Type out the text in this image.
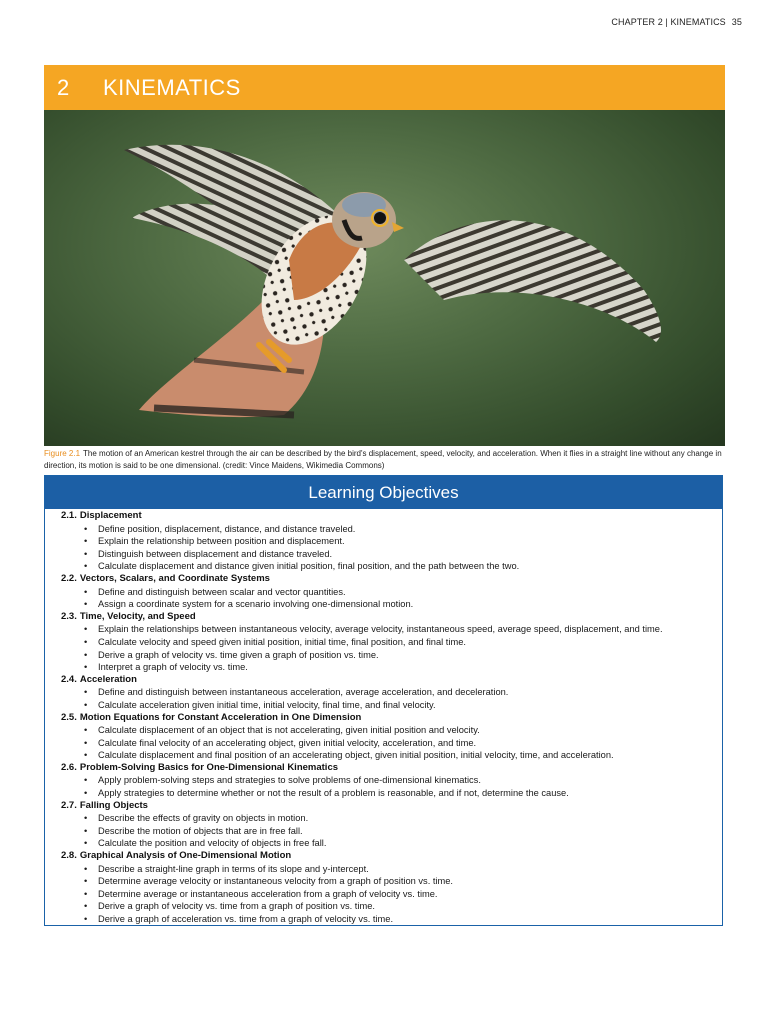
CHAPTER 2 | KINEMATICS 35
2	KINEMATICS
Figure 2.1 The motion of an American kestrel through the air can be described by the bird's displacement, speed, velocity, and acceleration. When it flies in a straight line without any change in direction, its motion is said to be one dimensional. (credit: Vince Maidens, Wikimedia Commons)
Learning Objectives
2.1. Displacement
• Define position, displacement, distance, and distance traveled.
• Explain the relationship between position and displacement.
• Distinguish between displacement and distance traveled.
• Calculate displacement and distance given initial position, final position, and the path between the two.
2.2. Vectors, Scalars, and Coordinate Systems
• Define and distinguish between scalar and vector quantities.
• Assign a coordinate system for a scenario involving one-dimensional motion.
2.3. Time, Velocity, and Speed
• Explain the relationships between instantaneous velocity, average velocity, instantaneous speed, average speed, displacement, and time.
• Calculate velocity and speed given initial position, initial time, final position, and final time.
• Derive a graph of velocity vs. time given a graph of position vs. time.
• Interpret a graph of velocity vs. time.
2.4. Acceleration
• Define and distinguish between instantaneous acceleration, average acceleration, and deceleration.
• Calculate acceleration given initial time, initial velocity, final time, and final velocity.
2.5. Motion Equations for Constant Acceleration in One Dimension
• Calculate displacement of an object that is not accelerating, given initial position and velocity.
• Calculate final velocity of an accelerating object, given initial velocity, acceleration, and time.
• Calculate displacement and final position of an accelerating object, given initial position, initial velocity, time, and acceleration.
2.6. Problem-Solving Basics for One-Dimensional Kinematics
• Apply problem-solving steps and strategies to solve problems of one-dimensional kinematics.
• Apply strategies to determine whether or not the result of a problem is reasonable, and if not, determine the cause.
2.7. Falling Objects
• Describe the effects of gravity on objects in motion.
• Describe the motion of objects that are in free fall.
• Calculate the position and velocity of objects in free fall.
2.8. Graphical Analysis of One-Dimensional Motion
• Describe a straight-line graph in terms of its slope and y-intercept.
• Determine average velocity or instantaneous velocity from a graph of position vs. time.
• Determine average or instantaneous acceleration from a graph of velocity vs. time.
• Derive a graph of velocity vs. time from a graph of position vs. time.
• Derive a graph of acceleration vs. time from a graph of velocity vs. time.
